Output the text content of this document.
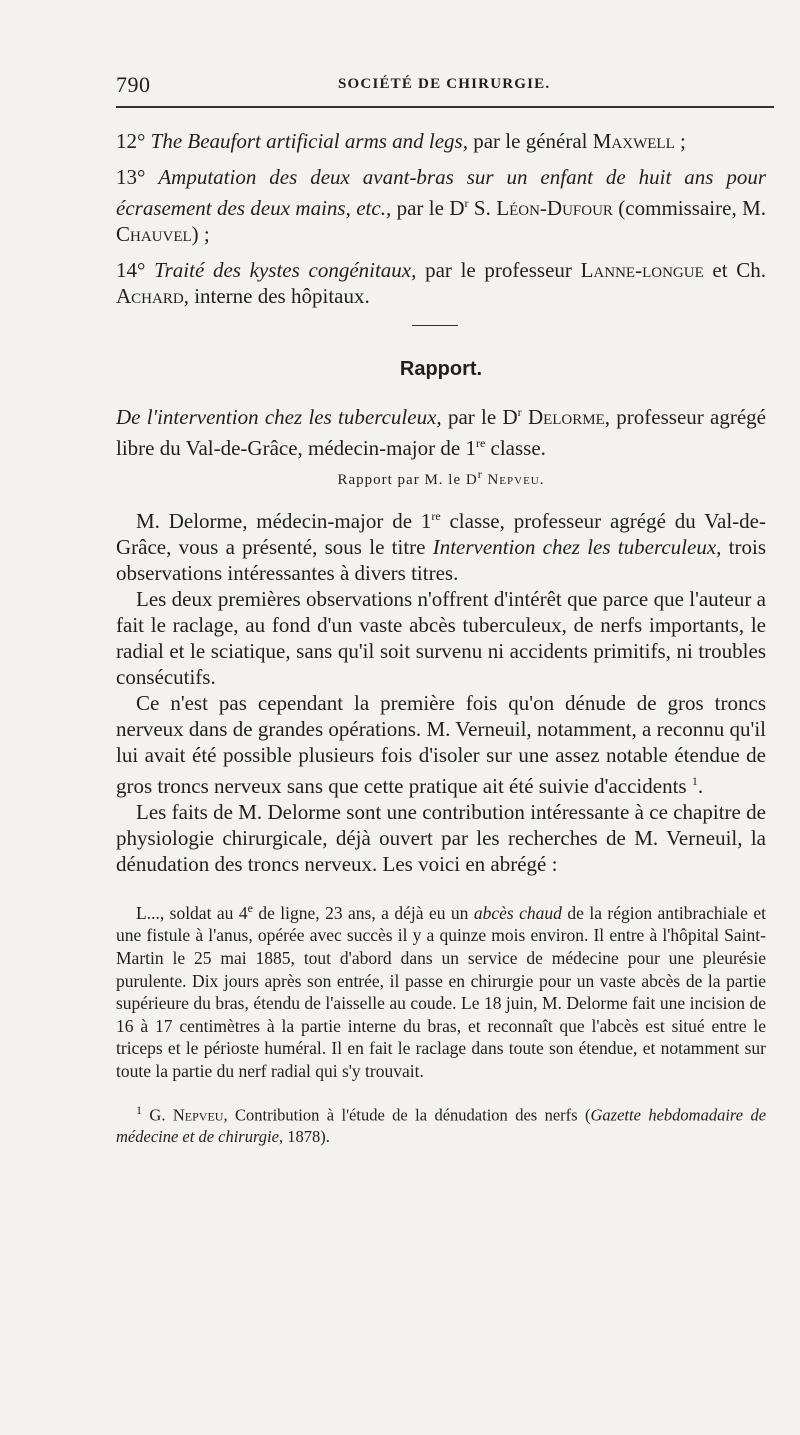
790	SOCIÉTÉ DE CHIRURGIE.

12° The Beaufort artificial arms and legs, par le général Maxwell ;

13° Amputation des deux avant-bras sur un enfant de huit ans pour écrasement des deux mains, etc., par le $D^r$ S. Léon-Dufour (commissaire, M. Chauvel) ;

14° Traité des kystes congénitaux, par le professeur Lanne-longue et Ch. Achard, interne des hôpitaux.

Rapport.
De l'intervention chez les tuberculeux, par le $D^r$ Delorme, professeur agrégé libre du Val-de-Grâce, médecin-major de 1re classe.
Rapport par M. le $D^r$ Nepveu.

M. Delorme, médecin-major de 1re classe, professeur agrégé du Val-de-Grâce, vous a présenté, sous le titre Intervention chez les tuberculeux, trois observations intéressantes à divers titres.

Les deux premières observations n'offrent d'intérêt que parce que l'auteur a fait le raclage, au fond d'un vaste abcès tuberculeux, de nerfs importants, le radial et le sciatique, sans qu'il soit survenu ni accidents primitifs, ni troubles consécutifs.

Ce n'est pas cependant la première fois qu'on dénude de gros troncs nerveux dans de grandes opérations. M. Verneuil, notamment, a reconnu qu'il lui avait été possible plusieurs fois d'isoler sur une assez notable étendue de gros troncs nerveux sans que cette pratique ait été suivie d'accidents $^1$.

Les faits de M. Delorme sont une contribution intéressante à ce chapitre de physiologie chirurgicale, déjà ouvert par les recherches de M. Verneuil, la dénudation des troncs nerveux. Les voici en abrégé :

L..., soldat au 4e de ligne, 23 ans, a déjà eu un abcès chaud de la région antibrachiale et une fistule à l'anus, opérée avec succès il y a quinze mois environ. Il entre à l'hôpital Saint-Martin le 25 mai 1885, tout d'abord dans un service de médecine pour une pleurésie purulente. Dix jours après son entrée, il passe en chirurgie pour un vaste abcès de la partie supérieure du bras, étendu de l'aisselle au coude. Le 18 juin, M. Delorme fait une incision de 16 à 17 centimètres à la partie interne du bras, et reconnaît que l'abcès est situé entre le triceps et le périoste huméral. Il en fait le raclage dans toute son étendue, et notamment sur toute la partie du nerf radial qui s'y trouvait.

$^1$ G. Nepveu, Contribution à l'étude de la dénudation des nerfs (Gazette hebdomadaire de médecine et de chirurgie, 1878).
